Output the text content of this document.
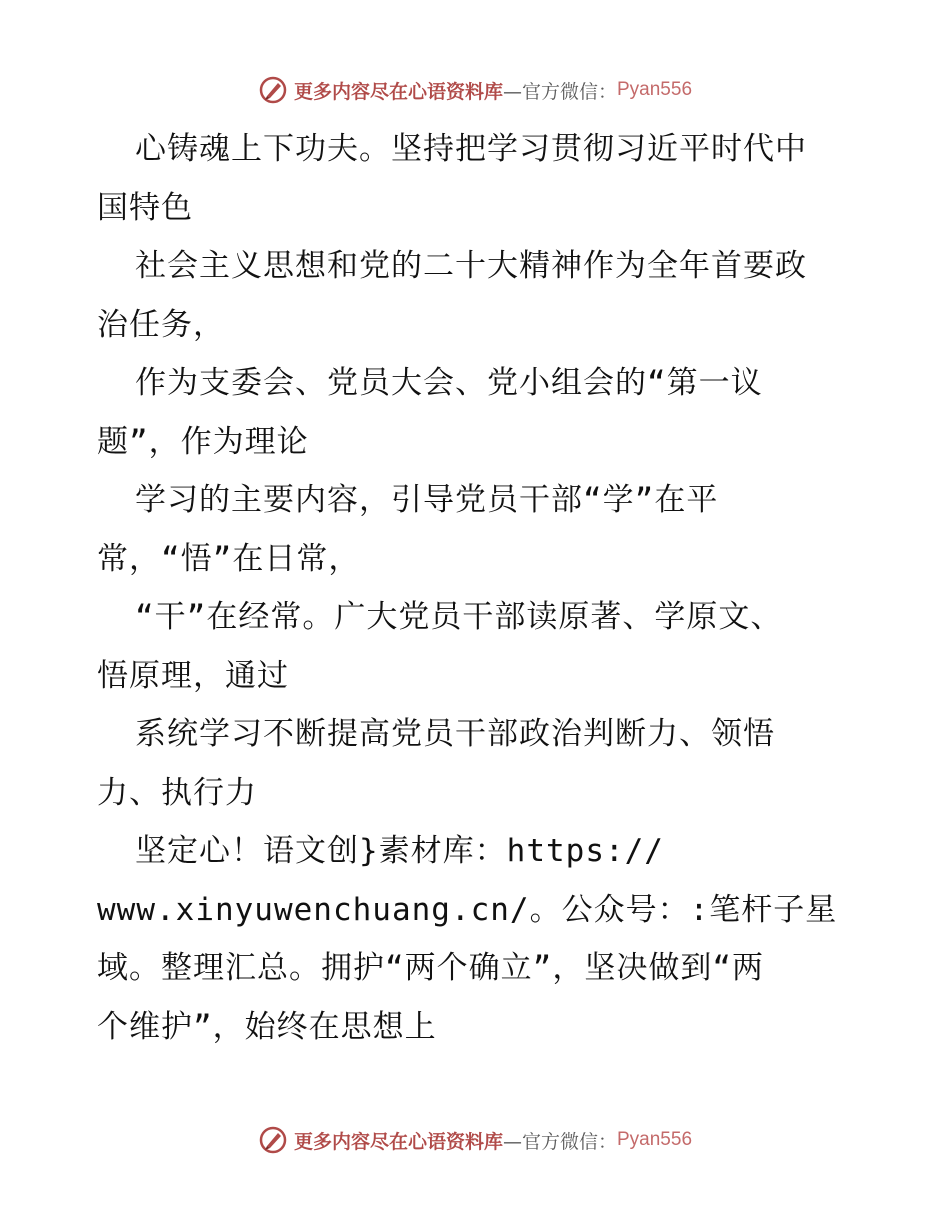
更多内容尽在心语资料库 —官方微信： Pyan556
心铸魂上下功夫。坚持把学习贯彻习近平时代中
国特色
社会主义思想和党的二十大精神作为全年首要政
治任务，
作为支委会、党员大会、党小组会的“第一议
题”，作为理论
学习的主要内容，引导党员干部“学”在平
常，“悟”在日常，
“干”在经常。广大党员干部读原著、学原文、
悟原理，通过
系统学习不断提高党员干部政治判断力、领悟
力、执行力
坚定心！语文创}素材库：https://
www.xinyuwenchuang.cn/。公众号：:笔杆子星
域。整理汇总。拥护“两个确立”，坚决做到“两
个维护”，始终在思想上
更多内容尽在心语资料库 —官方微信： Pyan556
